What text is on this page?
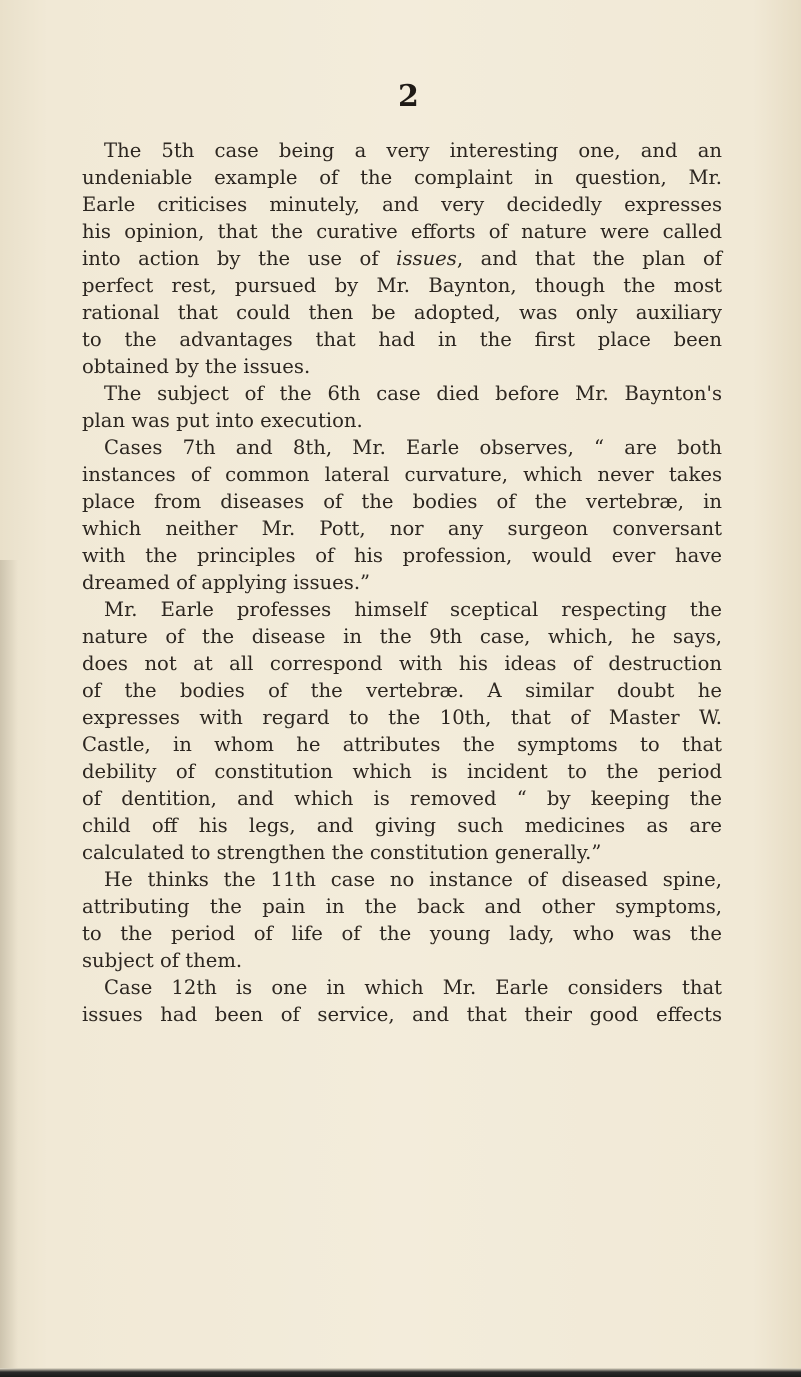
2
The 5th case being a very interesting one, and an
undeniable example of the complaint in question, Mr.
Earle criticises minutely, and very decidedly expresses
his opinion, that the curative efforts of nature were called
into action by the use of issues, and that the plan of
perfect rest, pursued by Mr. Baynton, though the most
rational that could then be adopted, was only auxiliary
to the advantages that had in the first place been
obtained by the issues.
The subject of the 6th case died before Mr. Baynton's
plan was put into execution.
Cases 7th and 8th, Mr. Earle observes, “ are both
instances of common lateral curvature, which never takes
place from diseases of the bodies of the vertebræ, in
which neither Mr. Pott, nor any surgeon conversant
with the principles of his profession, would ever have
dreamed of applying issues.”
Mr. Earle professes himself sceptical respecting the
nature of the disease in the 9th case, which, he says,
does not at all correspond with his ideas of destruction
of the bodies of the vertebræ. A similar doubt he
expresses with regard to the 10th, that of Master W.
Castle, in whom he attributes the symptoms to that
debility of constitution which is incident to the period
of dentition, and which is removed “ by keeping the
child off his legs, and giving such medicines as are
calculated to strengthen the constitution generally.”
He thinks the 11th case no instance of diseased spine,
attributing the pain in the back and other symptoms,
to the period of life of the young lady, who was the
subject of them.
Case 12th is one in which Mr. Earle considers that
issues had been of service, and that their good effects
